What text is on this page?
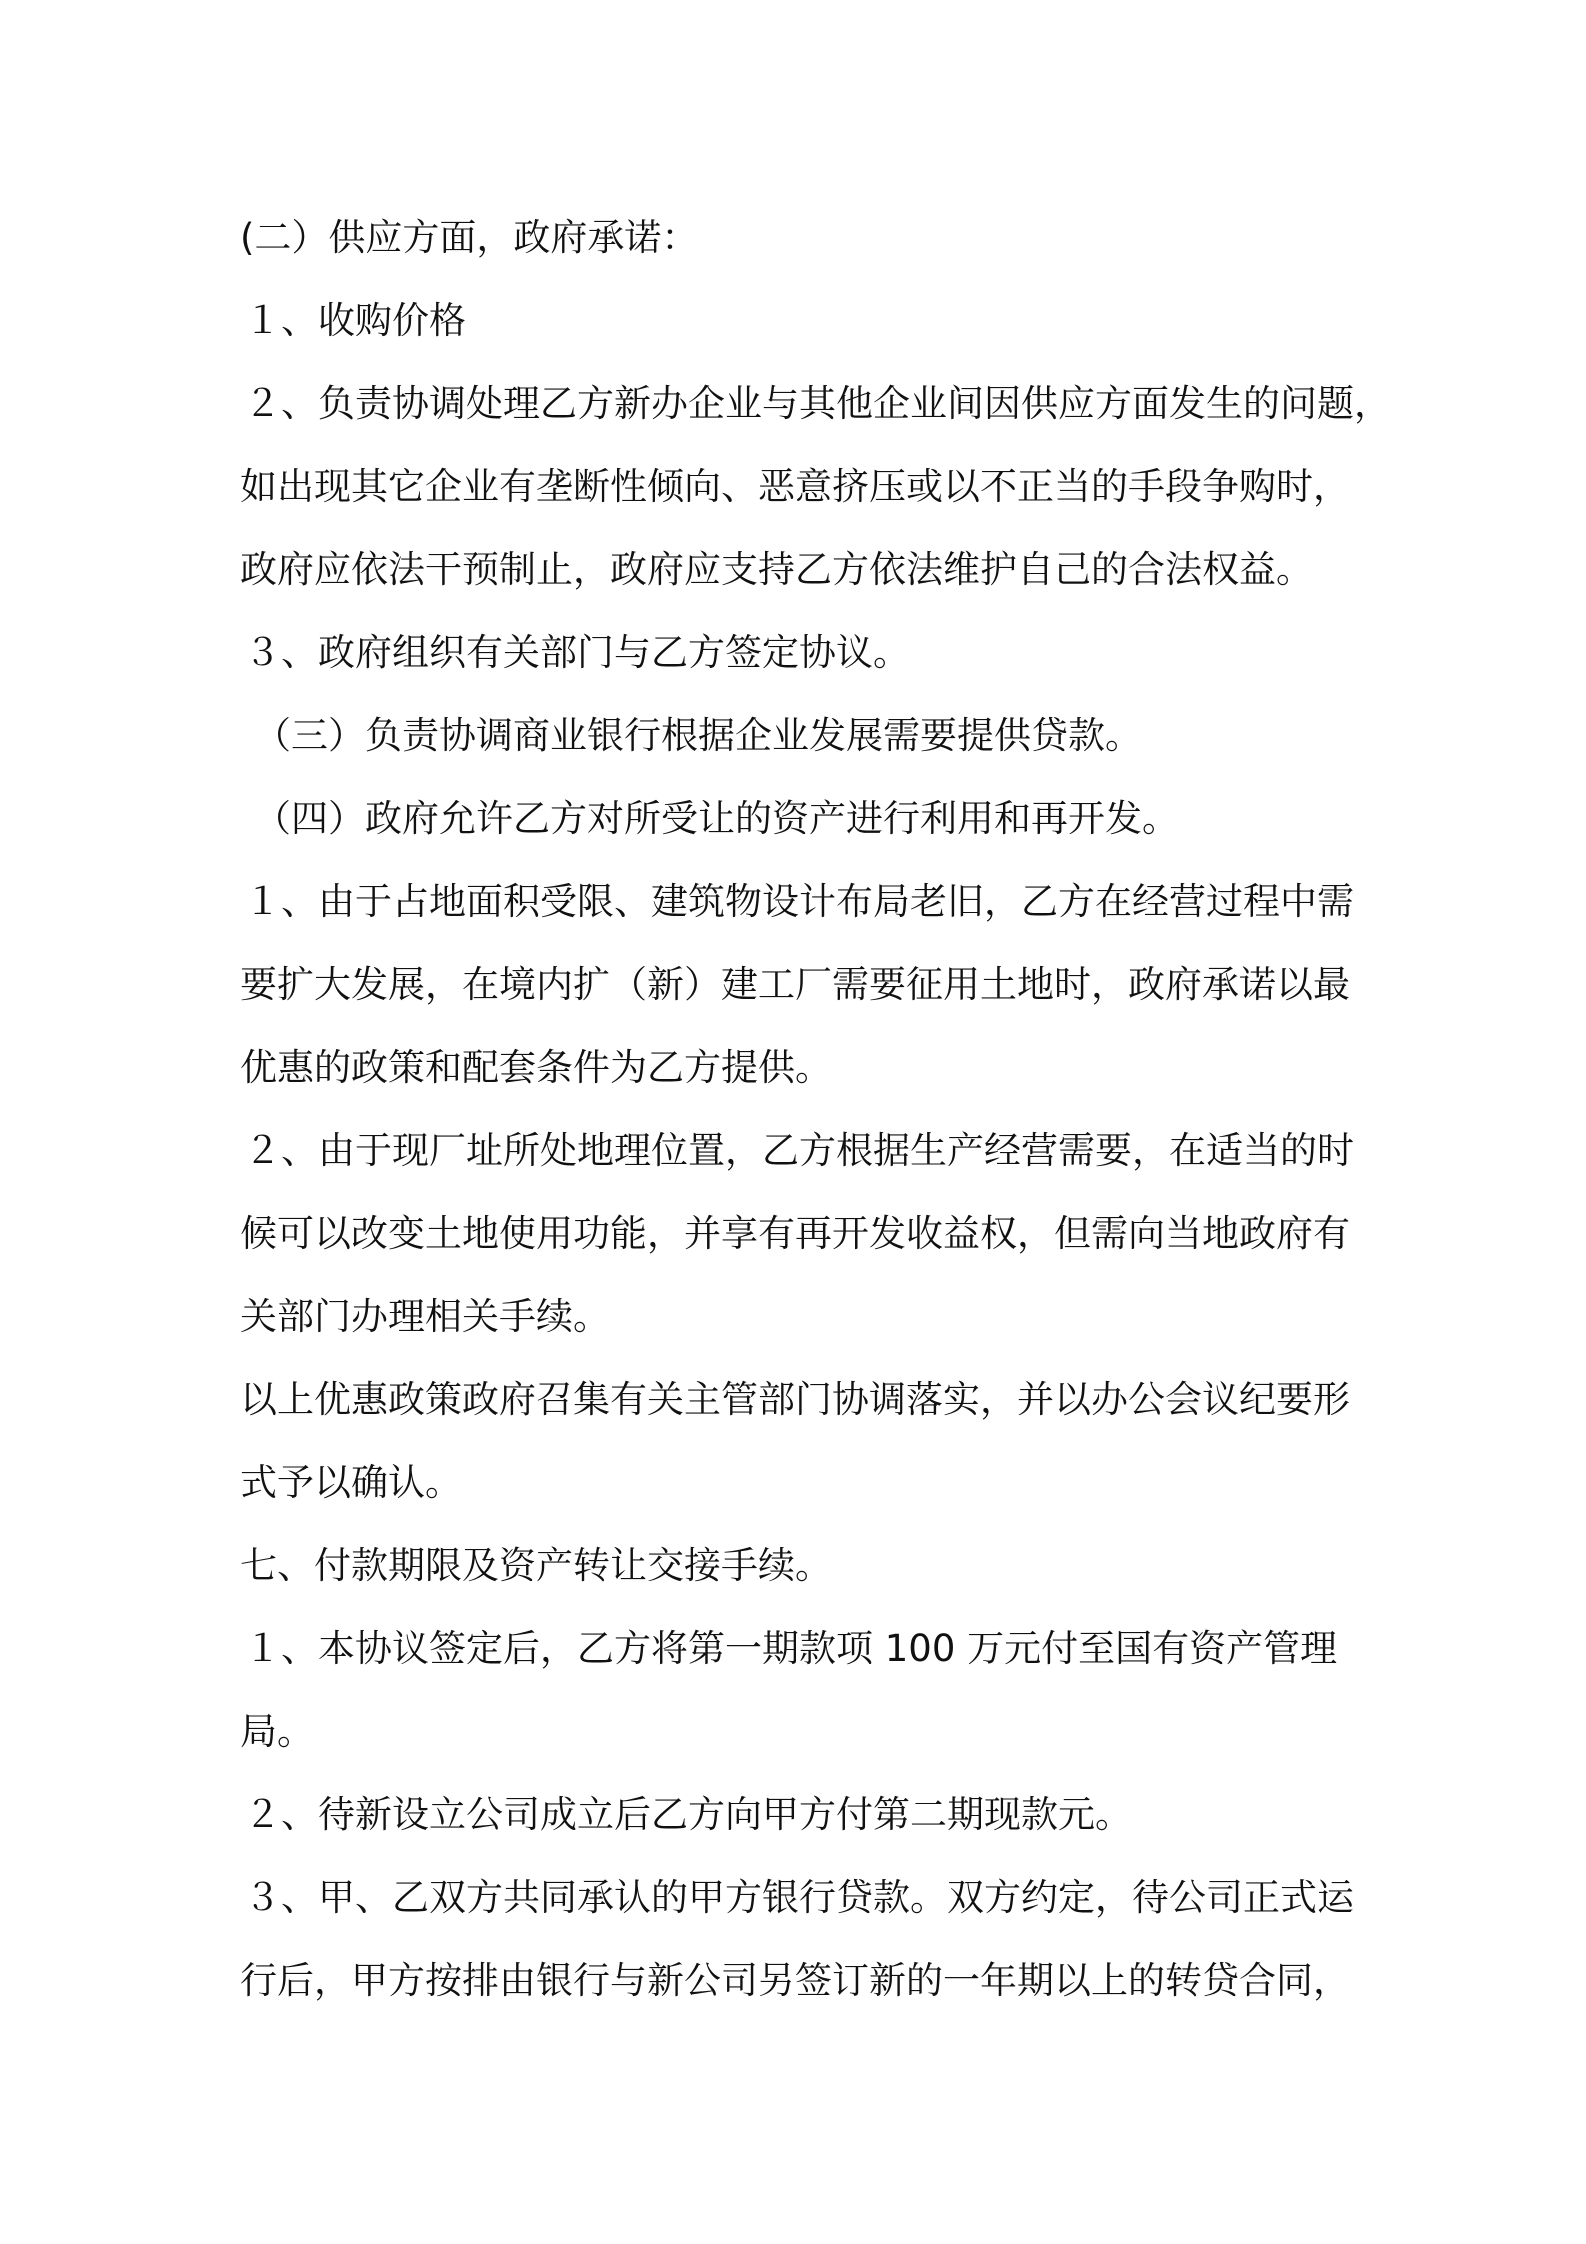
(二）供应方面，政府承诺：
１、收购价格
２、负责协调处理乙方新办企业与其他企业间因供应方面发生的问题，
如出现其它企业有垄断性倾向、恶意挤压或以不正当的手段争购时，
政府应依法干预制止，政府应支持乙方依法维护自己的合法权益。
３、政府组织有关部门与乙方签定协议。
（三）负责协调商业银行根据企业发展需要提供贷款。
（四）政府允许乙方对所受让的资产进行利用和再开发。
１、由于占地面积受限、建筑物设计布局老旧，乙方在经营过程中需
要扩大发展，在境内扩（新）建工厂需要征用土地时，政府承诺以最
优惠的政策和配套条件为乙方提供。
２、由于现厂址所处地理位置，乙方根据生产经营需要，在适当的时
候可以改变土地使用功能，并享有再开发收益权，但需向当地政府有
关部门办理相关手续。
以上优惠政策政府召集有关主管部门协调落实，并以办公会议纪要形
式予以确认。
七、付款期限及资产转让交接手续。
１、本协议签定后，乙方将第一期款项 100 万元付至国有资产管理
局。
２、待新设立公司成立后乙方向甲方付第二期现款元。
３、甲、乙双方共同承认的甲方银行贷款。双方约定，待公司正式运
行后，甲方按排由银行与新公司另签订新的一年期以上的转贷合同，
